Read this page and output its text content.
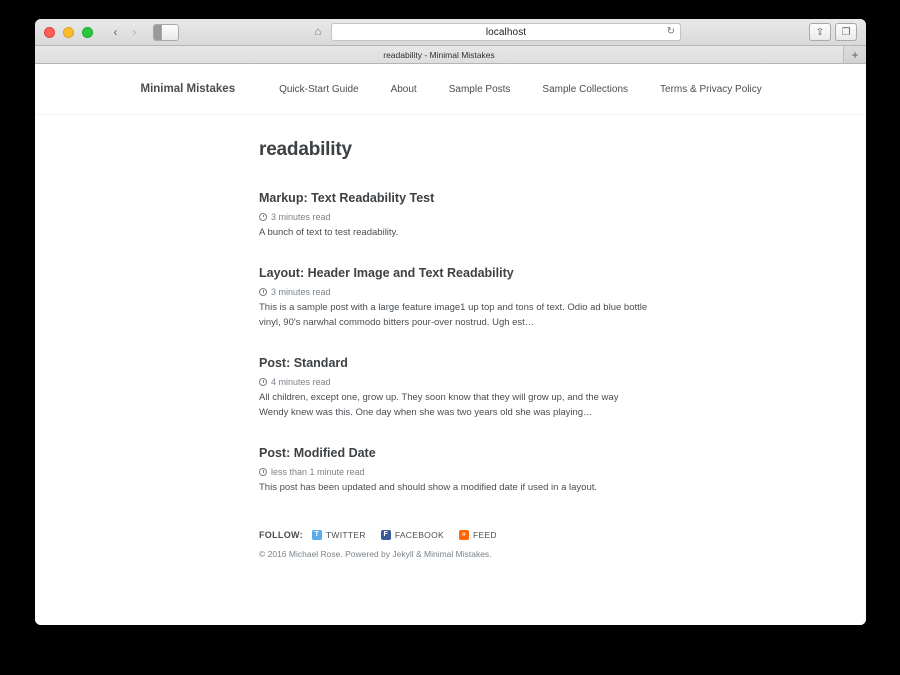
‹	›	⌂	localhost	↻	⇪	❐
readability - Minimal Mistakes	+
Minimal Mistakes	Quick-Start Guide	About	Sample Posts	Sample Collections	Terms & Privacy Policy
readability
Markup: Text Readability Test
3 minutes read

A bunch of text to test readability.

Layout: Header Image and Text Readability
3 minutes read

This is a sample post with a large feature image1 up top and tons of text. Odio ad blue bottle vinyl, 90's narwhal commodo bitters pour-over nostrud. Ugh est…

Post: Standard
4 minutes read

All children, except one, grow up. They soon know that they will grow up, and the way Wendy knew was this. One day when she was two years old she was playing…

Post: Modified Date
less than 1 minute read

This post has been updated and should show a modified date if used in a layout.

FOLLOW:	T TWITTER	F FACEBOOK	» FEED
© 2016 Michael Rose. Powered by Jekyll & Minimal Mistakes.
